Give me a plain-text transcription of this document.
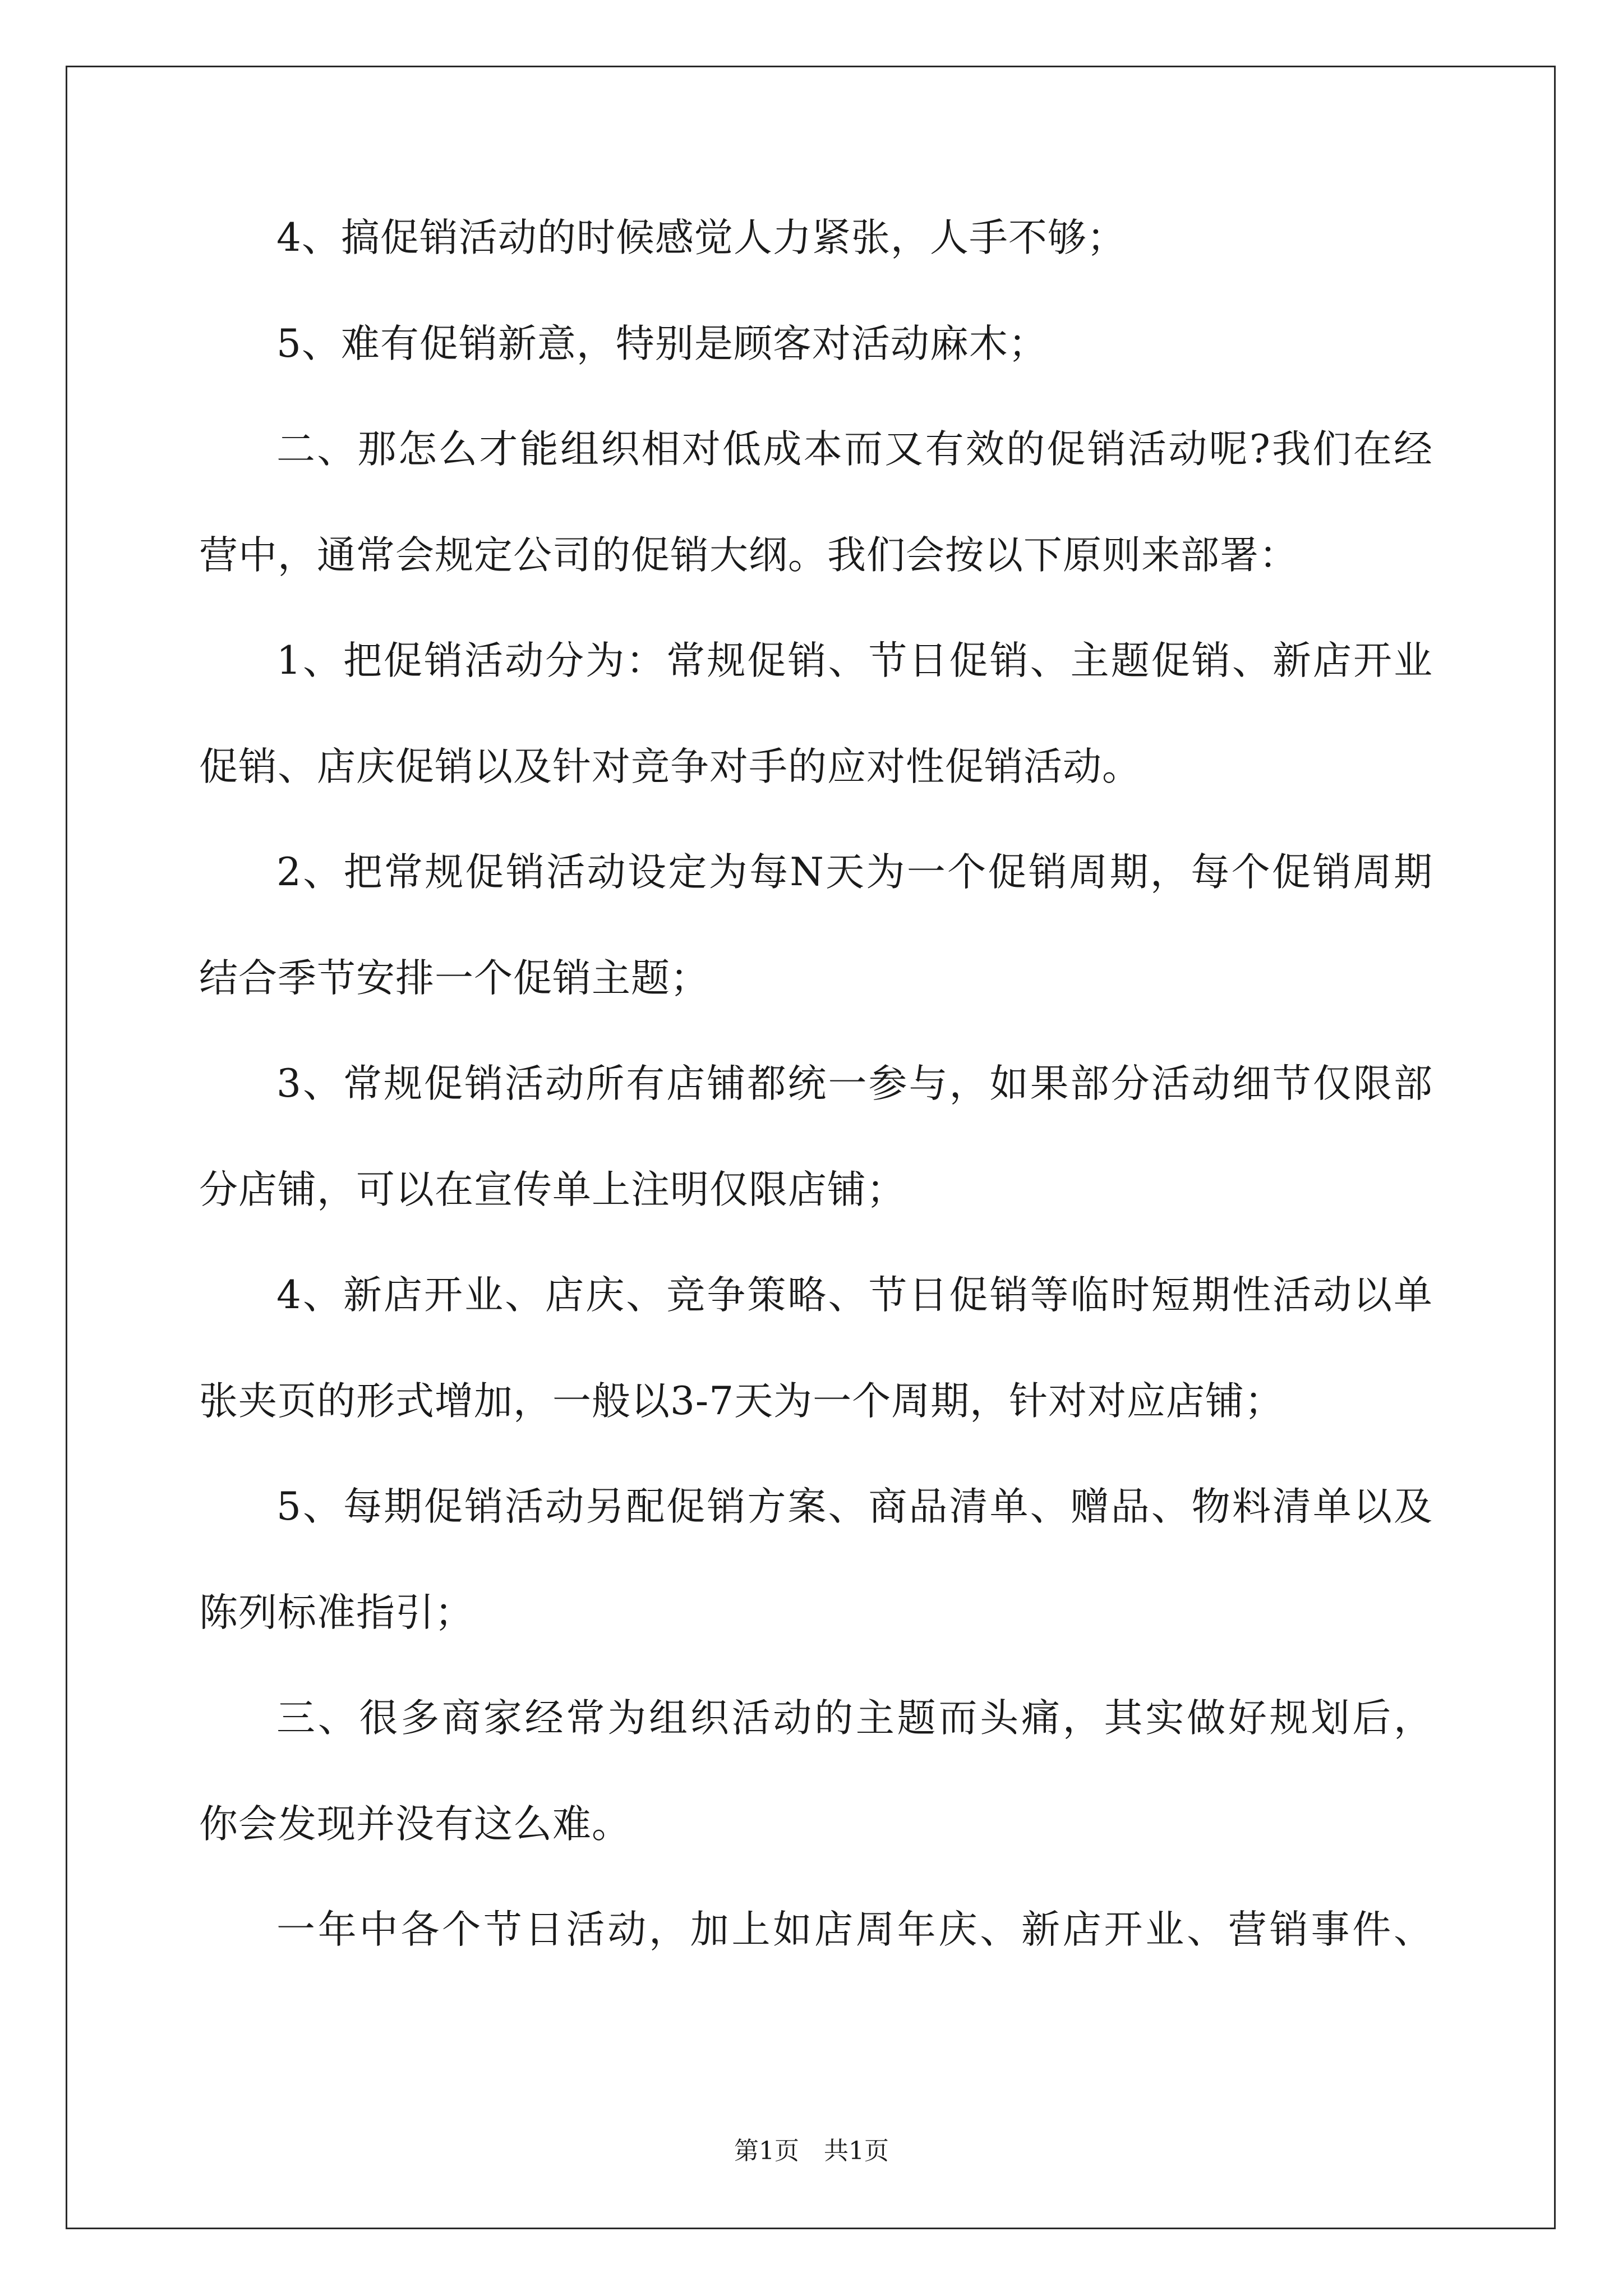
4、搞促销活动的时候感觉人力紧张，人手不够；
5、难有促销新意，特别是顾客对活动麻木；
二、那怎么才能组织相对低成本而又有效的促销活动呢?我们在经
营中，通常会规定公司的促销大纲。我们会按以下原则来部署：
1、把促销活动分为：常规促销、节日促销、主题促销、新店开业
促销、店庆促销以及针对竞争对手的应对性促销活动。
2、把常规促销活动设定为每N天为一个促销周期，每个促销周期
结合季节安排一个促销主题；
3、常规促销活动所有店铺都统一参与，如果部分活动细节仅限部
分店铺，可以在宣传单上注明仅限店铺；
4、新店开业、店庆、竞争策略、节日促销等临时短期性活动以单
张夹页的形式增加，一般以3-7天为一个周期，针对对应店铺；
5、每期促销活动另配促销方案、商品清单、赠品、物料清单以及
陈列标准指引；
三、很多商家经常为组织活动的主题而头痛，其实做好规划后，
你会发现并没有这么难。
一年中各个节日活动，加上如店周年庆、新店开业、营销事件、
第1页　共1页
